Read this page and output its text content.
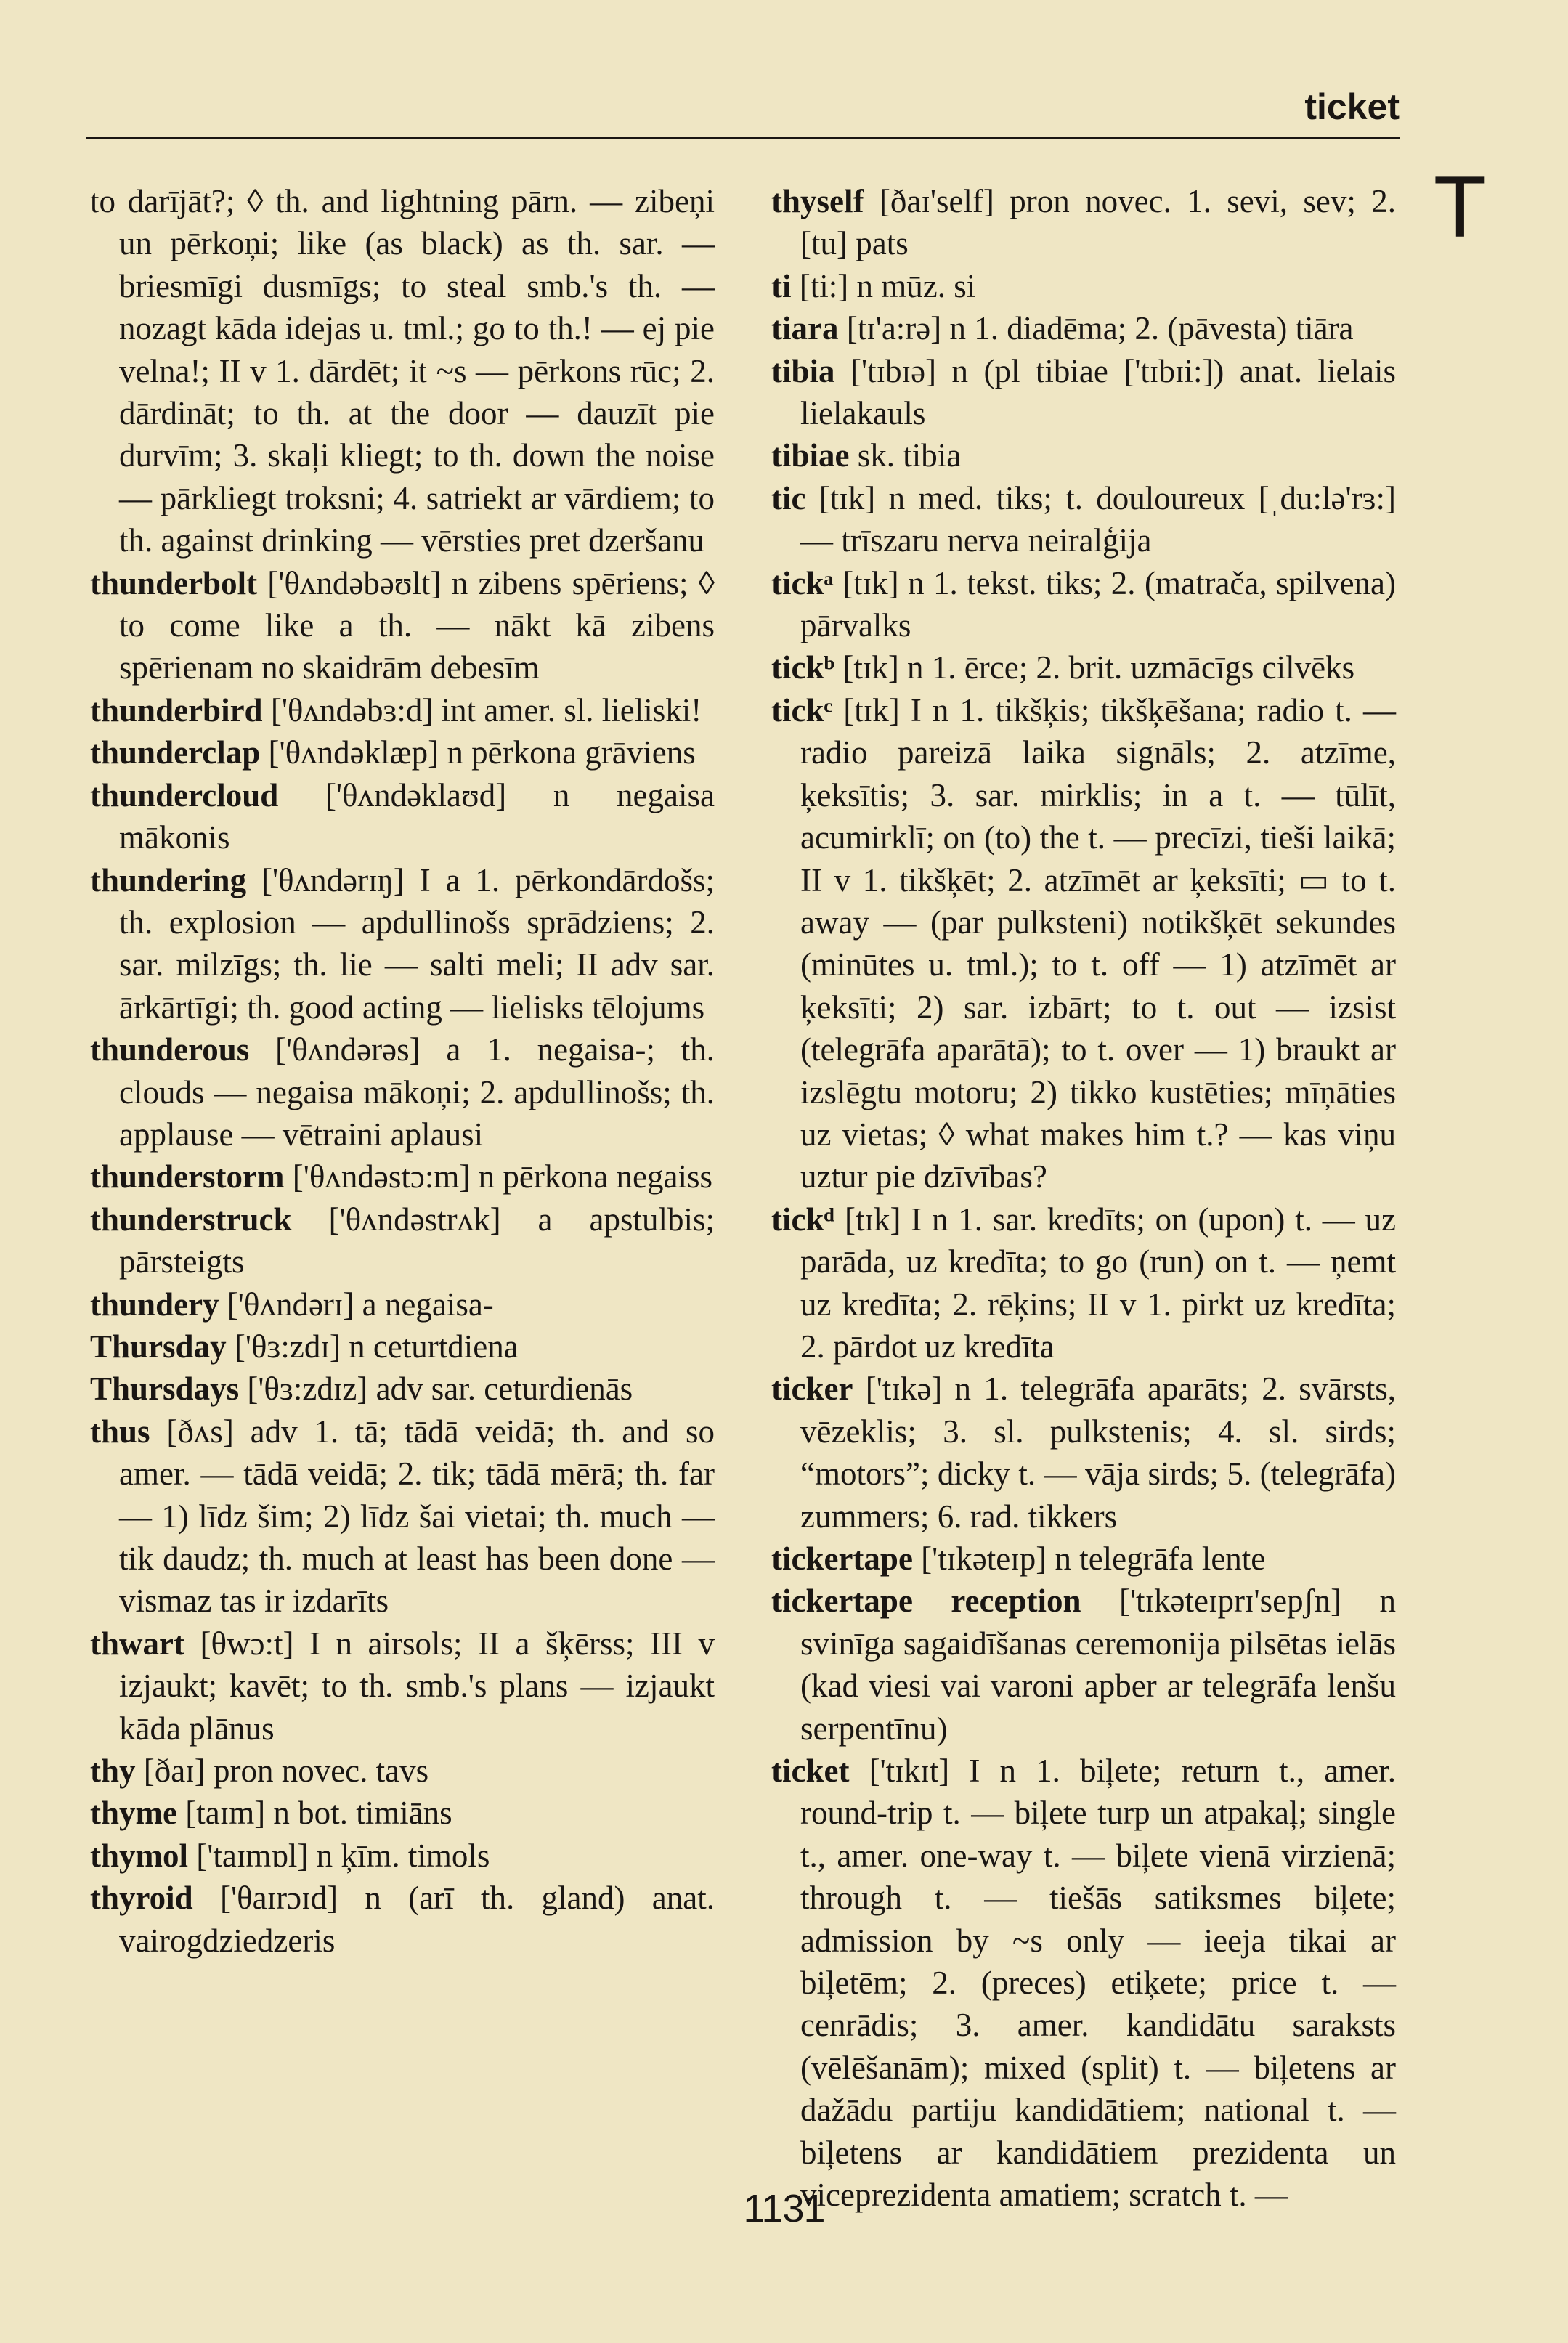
ticket
T

to darījāt?; ◊ th. and lightning pārn. — zibeņi un pērkoņi; like (as black) as th. sar. — briesmīgi dusmīgs; to steal smb.'s th. — nozagt kāda idejas u. tml.; go to th.! — ej pie velna!; II v 1. dārdēt; it ~s — pērkons rūc; 2. dārdināt; to th. at the door — dauzīt pie durvīm; 3. skaļi kliegt; to th. down the noise — pārkliegt troksni; 4. satriekt ar vārdiem; to th. against drinking — vērsties pret dzeršanu

thunderbolt ['θʌndəbəʊlt] n zibens spēriens; ◊ to come like a th. — nākt kā zibens spērienam no skaidrām debesīm

thunderbird ['θʌndəbɜ:d] int amer. sl. lieliski!

thunderclap ['θʌndəklæp] n pērkona grāviens

thundercloud ['θʌndəklaʊd] n negaisa mākonis

thundering ['θʌndərɪŋ] I a 1. pērkondārdošs; th. explosion — apdullinošs sprādziens; 2. sar. milzīgs; th. lie — salti meli; II adv sar. ārkārtīgi; th. good acting — lielisks tēlojums

thunderous ['θʌndərəs] a 1. negaisa-; th. clouds — negaisa mākoņi; 2. apdullinošs; th. applause — vētraini aplausi

thunderstorm ['θʌndəstɔ:m] n pērkona negaiss

thunderstruck ['θʌndəstrʌk] a apstulbis; pārsteigts

thundery ['θʌndərɪ] a negaisa-

Thursday ['θɜ:zdɪ] n ceturtdiena

Thursdays ['θɜ:zdɪz] adv sar. ceturdienās

thus [ðʌs] adv 1. tā; tādā veidā; th. and so amer. — tādā veidā; 2. tik; tādā mērā; th. far — 1) līdz šim; 2) līdz šai vietai; th. much — tik daudz; th. much at least has been done — vismaz tas ir izdarīts

thwart [θwɔ:t] I n airsols; II a šķērss; III v izjaukt; kavēt; to th. smb.'s plans — izjaukt kāda plānus

thy [ðaɪ] pron novec. tavs

thyme [taɪm] n bot. timiāns

thymol ['taɪmɒl] n ķīm. timols

thyroid ['θaɪrɔɪd] n (arī th. gland) anat. vairogdziedzeris

thyself [ðaɪ'self] pron novec. 1. sevi, sev; 2. [tu] pats

ti [ti:] n mūz. si

tiara [tɪ'a:rə] n 1. diadēma; 2. (pāvesta) tiāra

tibia ['tɪbɪə] n (pl tibiae ['tɪbɪi:]) anat. lielais lielakauls

tibiae sk. tibia

tic [tɪk] n med. tiks; t. douloureux [ˌdu:lə'rɜ:] — trīszaru nerva neiralģija

tickᵃ [tɪk] n 1. tekst. tiks; 2. (matrača, spilvena) pārvalks

tickᵇ [tɪk] n 1. ērce; 2. brit. uzmācīgs cilvēks

tickᶜ [tɪk] I n 1. tikšķis; tikšķēšana; radio t. — radio pareizā laika signāls; 2. atzīme, ķeksītis; 3. sar. mirklis; in a t. — tūlīt, acumirklī; on (to) the t. — precīzi, tieši laikā; II v 1. tikšķēt; 2. atzīmēt ar ķeksīti; ▭ to t. away — (par pulksteni) notikšķēt sekundes (minūtes u. tml.); to t. off — 1) atzīmēt ar ķeksīti; 2) sar. izbārt; to t. out — izsist (telegrāfa aparātā); to t. over — 1) braukt ar izslēgtu motoru; 2) tikko kustēties; mīņāties uz vietas; ◊ what makes him t.? — kas viņu uztur pie dzīvības?

tickᵈ [tɪk] I n 1. sar. kredīts; on (upon) t. — uz parāda, uz kredīta; to go (run) on t. — ņemt uz kredīta; 2. rēķins; II v 1. pirkt uz kredīta; 2. pārdot uz kredīta

ticker ['tɪkə] n 1. telegrāfa aparāts; 2. svārsts, vēzeklis; 3. sl. pulkstenis; 4. sl. sirds; “motors”; dicky t. — vāja sirds; 5. (telegrāfa) zummers; 6. rad. tikkers

tickertape ['tɪkəteɪp] n telegrāfa lente

tickertape reception ['tɪkəteɪprɪ'sepʃn] n svinīga sagaidīšanas ceremonija pilsētas ielās (kad viesi vai varoni apber ar telegrāfa lenšu serpentīnu)

ticket ['tɪkɪt] I n 1. biļete; return t., amer. round-trip t. — biļete turp un atpakaļ; single t., amer. one-way t. — biļete vienā virzienā; through t. — tiešās satiksmes biļete; admission by ~s only — ieeja tikai ar biļetēm; 2. (preces) etiķete; price t. — cenrādis; 3. amer. kandidātu saraksts (vēlēšanām); mixed (split) t. — biļetens ar dažādu partiju kandidātiem; national t. — biļetens ar kandidātiem prezidenta un viceprezidenta amatiem; scratch t. —

1131
